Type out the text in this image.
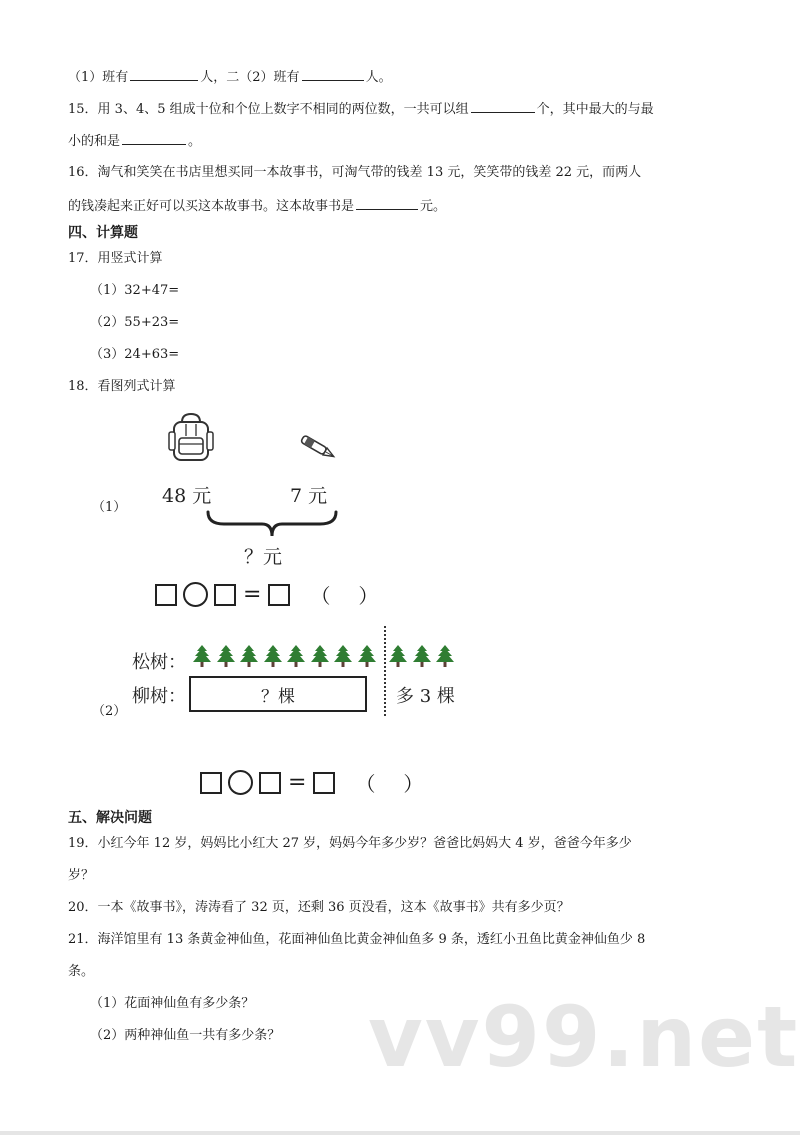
（1）班有	人，二（2）班有	人。
15．用 3、4、5 组成十位和个位上数字不相同的两位数，一共可以组	个，其中最大的与最
小的和是	。
16．淘气和笑笑在书店里想买同一本故事书，可淘气带的钱差 13 元，笑笑带的钱差 22 元，而两人
的钱凑起来正好可以买这本故事书。这本故事书是	元。
四、计算题
17．用竖式计算
（1）32+47=
（2）55+23=
（3）24+63=
18．看图列式计算
（1）
48 元	7 元
？元
= （　）
松树：
柳树：	？棵	多 3 棵
（2）
= （　）
五、解决问题
19．小红今年 12 岁，妈妈比小红大 27 岁，妈妈今年多少岁？爸爸比妈妈大 4 岁，爸爸今年多少
岁？
20．一本《故事书》，涛涛看了 32 页，还剩 36 页没看，这本《故事书》共有多少页？
21．海洋馆里有 13 条黄金神仙鱼，花面神仙鱼比黄金神仙鱼多 9 条，透红小丑鱼比黄金神仙鱼少 8
条。
（1）花面神仙鱼有多少条？
（2）两种神仙鱼一共有多少条？ vv99.net
